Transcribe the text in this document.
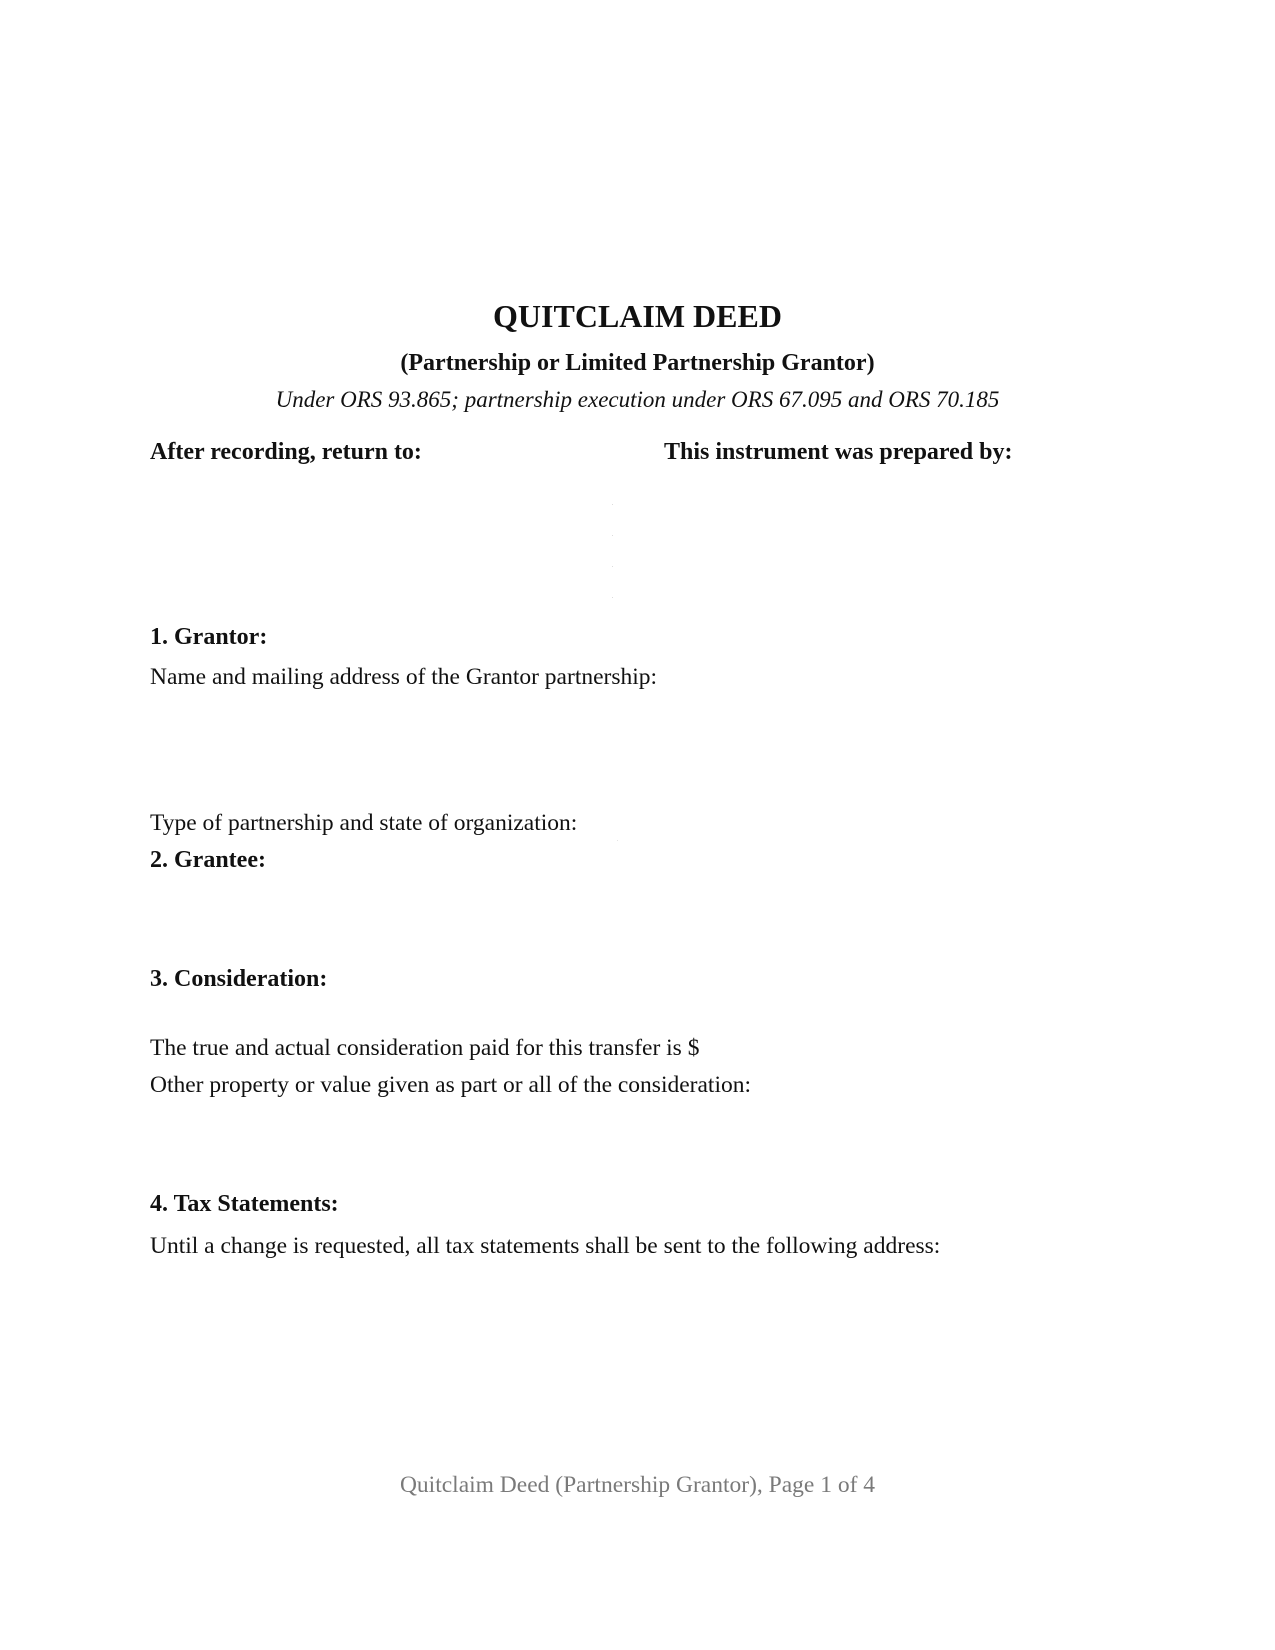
QUITCLAIM DEED
(Partnership or Limited Partnership Grantor)
Under ORS 93.865; partnership execution under ORS 67.095 and ORS 70.185
After recording, return to:	This instrument was prepared by:
1. Grantor:
Name and mailing address of the Grantor partnership:
Type of partnership and state of organization:
2. Grantee:
3. Consideration:
The true and actual consideration paid for this transfer is $
Other property or value given as part or all of the consideration:
4. Tax Statements:
Until a change is requested, all tax statements shall be sent to the following address:
Quitclaim Deed (Partnership Grantor), Page 1 of 4
